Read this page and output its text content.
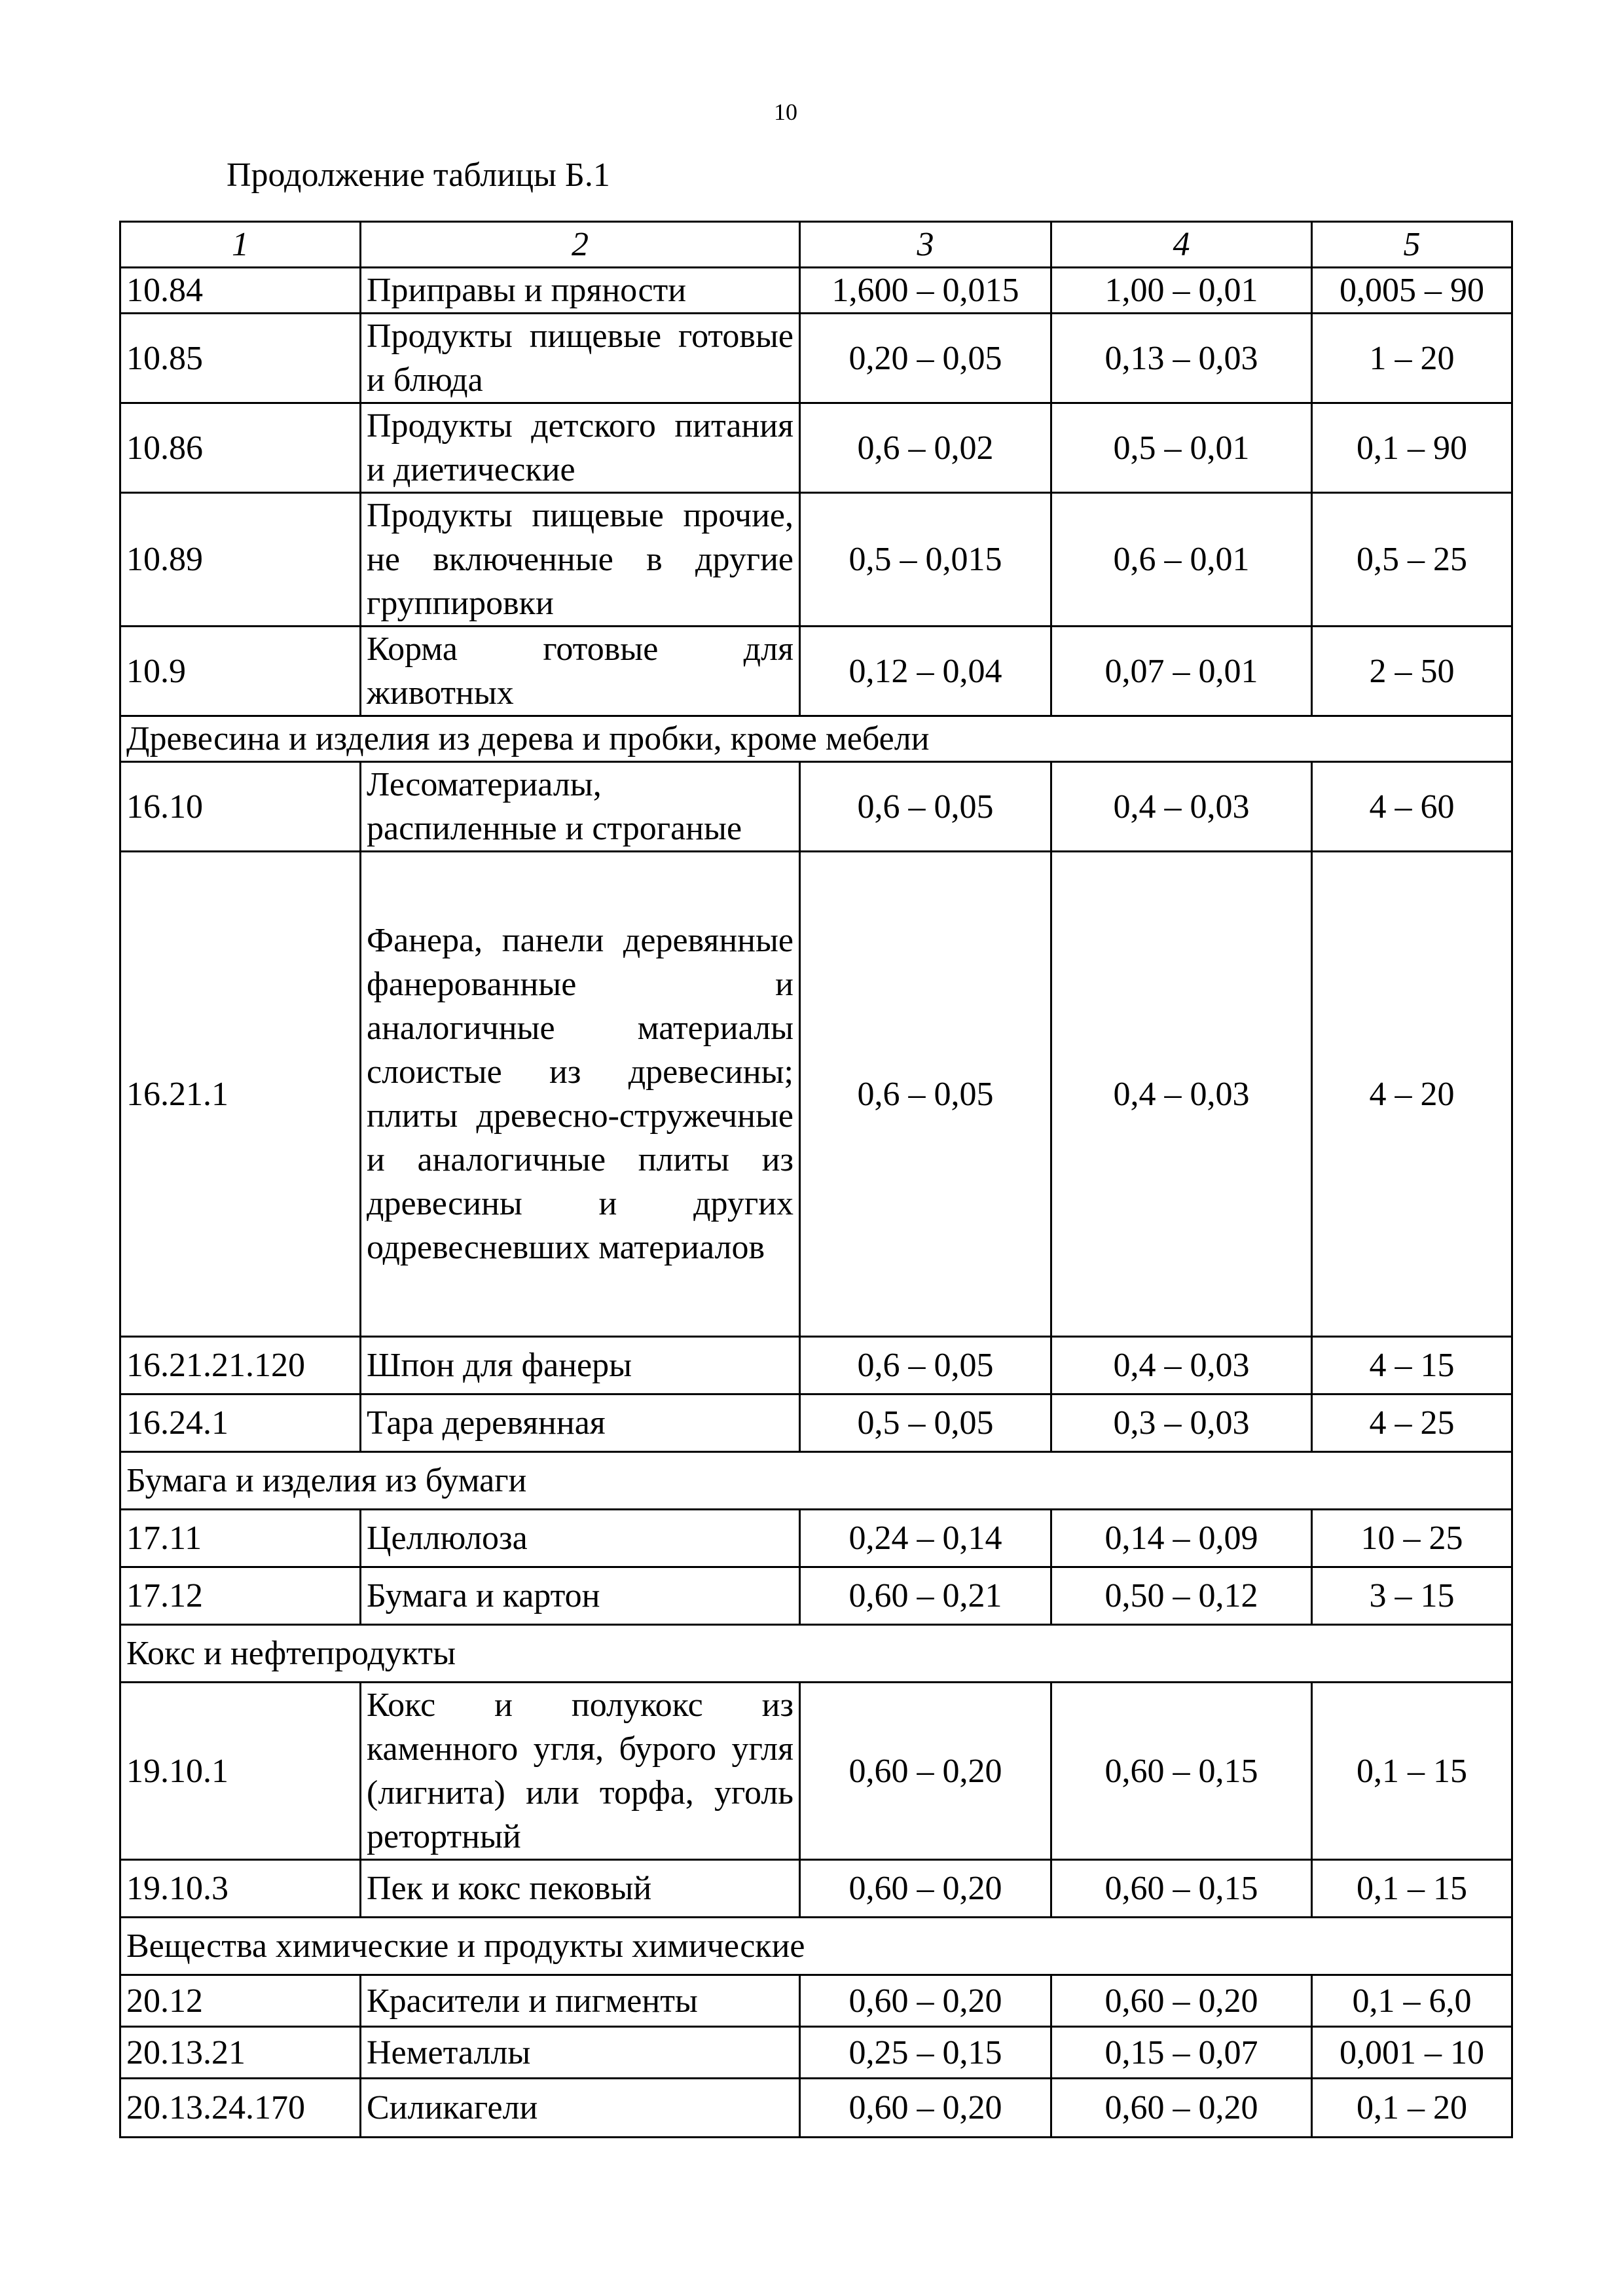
10
Продолжение таблицы Б.1
1	2	3	4	5
10.84	Приправы и пряности	1,600 – 0,015	1,00 – 0,01	0,005 – 90
10.85	Продукты пищевые готовые и блюда	0,20 – 0,05	0,13 – 0,03	1 – 20
10.86	Продукты детского питания и диетические	0,6 – 0,02	0,5 – 0,01	0,1 – 90
10.89	Продукты пищевые прочие, не включенные в другие группировки	0,5 – 0,015	0,6 – 0,01	0,5 – 25
10.9	Корма готовые для животных	0,12 – 0,04	0,07 – 0,01	2 – 50
Древесина и изделия из дерева и пробки, кроме мебели				
16.10	Лесоматериалы, распиленные и строганые	0,6 – 0,05	0,4 – 0,03	4 – 60
16.21.1	Фанера, панели деревянные фанерованные и аналогичные материалы слоистые из древесины; плиты древесно-стружечные и аналогичные плиты из древесины и других одревесневших материалов	0,6 – 0,05	0,4 – 0,03	4 – 20
16.21.21.120	Шпон для фанеры	0,6 – 0,05	0,4 – 0,03	4 – 15
16.24.1	Тара деревянная	0,5 – 0,05	0,3 – 0,03	4 – 25
Бумага и изделия из бумаги				
17.11	Целлюлоза	0,24 – 0,14	0,14 – 0,09	10 – 25
17.12	Бумага и картон	0,60 – 0,21	0,50 – 0,12	3 – 15
Кокс и нефтепродукты				
19.10.1	Кокс и полукокс из каменного угля, бурого угля (лигнита) или торфа, уголь ретортный	0,60 – 0,20	0,60 – 0,15	0,1 – 15
19.10.3	Пек и кокс пековый	0,60 – 0,20	0,60 – 0,15	0,1 – 15
Вещества химические и продукты химические				
20.12	Красители и пигменты	0,60 – 0,20	0,60 – 0,20	0,1 – 6,0
20.13.21	Неметаллы	0,25 – 0,15	0,15 – 0,07	0,001 – 10
20.13.24.170	Силикагели	0,60 – 0,20	0,60 – 0,20	0,1 – 20
